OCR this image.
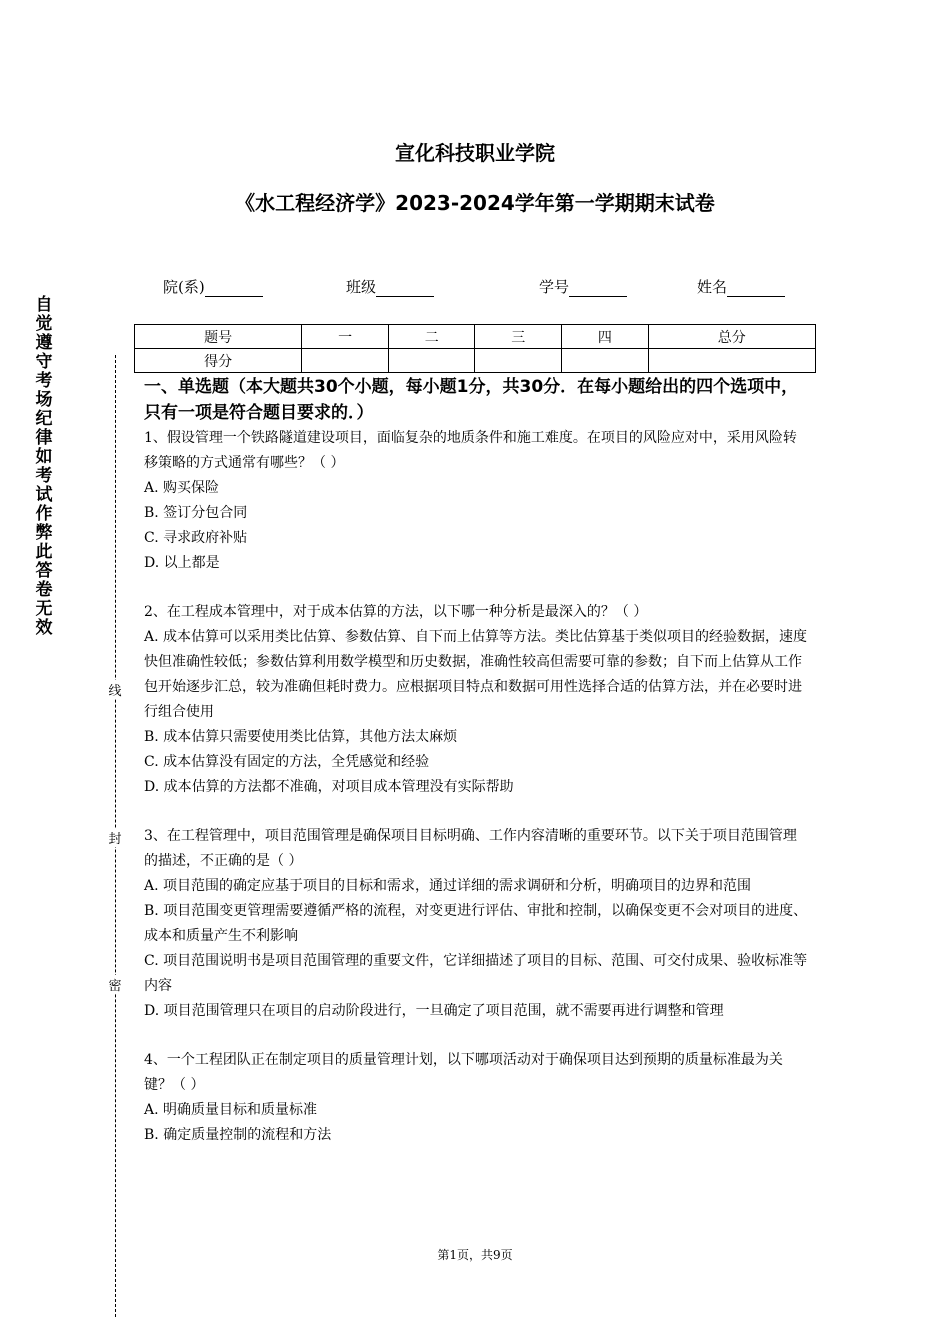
宣化科技职业学院
《水工程经济学》2023-2024学年第一学期期末试卷
院(系)	班级	学号	姓名
自
觉
遵
守
考
场
纪
律
如
考
试
作
弊
此
答
卷
无
效
线
封
密
题号	一	二	三	四	总分
得分					
一、单选题（本大题共30个小题，每小题1分，共30分．在每小题给出的四个选项中，只有一项是符合题目要求的．）
1、假设管理一个铁路隧道建设项目，面临复杂的地质条件和施工难度。在项目的风险应对中，采用风险转移策略的方式通常有哪些？（ ）
A. 购买保险
B. 签订分包合同
C. 寻求政府补贴
D. 以上都是
2、在工程成本管理中，对于成本估算的方法，以下哪一种分析是最深入的？（ ）
A. 成本估算可以采用类比估算、参数估算、自下而上估算等方法。类比估算基于类似项目的经验数据，速度快但准确性较低；参数估算利用数学模型和历史数据，准确性较高但需要可靠的参数；自下而上估算从工作包开始逐步汇总，较为准确但耗时费力。应根据项目特点和数据可用性选择合适的估算方法，并在必要时进行组合使用
B. 成本估算只需要使用类比估算，其他方法太麻烦
C. 成本估算没有固定的方法，全凭感觉和经验
D. 成本估算的方法都不准确，对项目成本管理没有实际帮助
3、在工程管理中，项目范围管理是确保项目目标明确、工作内容清晰的重要环节。以下关于项目范围管理的描述，不正确的是（ ）
A. 项目范围的确定应基于项目的目标和需求，通过详细的需求调研和分析，明确项目的边界和范围
B. 项目范围变更管理需要遵循严格的流程，对变更进行评估、审批和控制，以确保变更不会对项目的进度、成本和质量产生不利影响
C. 项目范围说明书是项目范围管理的重要文件，它详细描述了项目的目标、范围、可交付成果、验收标准等内容
D. 项目范围管理只在项目的启动阶段进行，一旦确定了项目范围，就不需要再进行调整和管理
4、一个工程团队正在制定项目的质量管理计划，以下哪项活动对于确保项目达到预期的质量标准最为关键？（ ）
A. 明确质量目标和质量标准
B. 确定质量控制的流程和方法
第1页，共9页
